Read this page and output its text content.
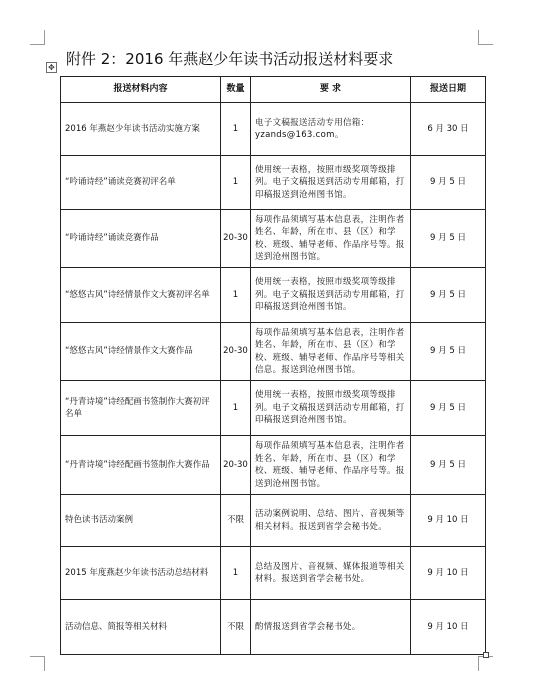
附件 2：2016 年燕赵少年读书活动报送材料要求
✥
报送材料内容	数量	要 求	报送日期
2016 年燕赵少年读书活动实施方案	1	电子文稿报送活动专用信箱：yzands@163.com。	6 月 30 日
“吟诵诗经”诵读竞赛初评名单	1	使用统一表格，按照市级奖项等级排列。电子文稿报送到活动专用邮箱，打印稿报送到沧州图书馆。	9 月 5 日
“吟诵诗经”诵读竞赛作品	20-30	每项作品须填写基本信息表，注明作者姓名、年龄，所在市、县（区）和学校、班级、辅导老师、作品序号等。报送到沧州图书馆。	9 月 5 日
“悠悠古风”诗经情景作文大赛初评名单	1	使用统一表格，按照市级奖项等级排列。电子文稿报送到活动专用邮箱，打印稿报送到沧州图书馆。	9 月 5 日
“悠悠古风”诗经情景作文大赛作品	20-30	每项作品须填写基本信息表，注明作者姓名、年龄，所在市、县（区）和学校、班级、辅导老师、作品序号等相关信息。报送到沧州图书馆。	9 月 5 日
“丹青诗境”诗经配画书签制作大赛初评名单	1	使用统一表格，按照市级奖项等级排列。电子文稿报送到活动专用邮箱，打印稿报送到沧州图书馆。	9 月 5 日
“丹青诗境”诗经配画书签制作大赛作品	20-30	每项作品须填写基本信息表，注明作者姓名、年龄，所在市、县（区）和学校、班级、辅导老师、作品序号等。报送到沧州图书馆。	9 月 5 日
特色读书活动案例	不限	活动案例说明、总结、图片、音视频等相关材料。报送到省学会秘书处。	9 月 10 日
2015 年度燕赵少年读书活动总结材料	1	总结及图片、音视频、媒体报道等相关材料。报送到省学会秘书处。	9 月 10 日
活动信息、简报等相关材料	不限	酌情报送到省学会秘书处。	9 月 10 日
